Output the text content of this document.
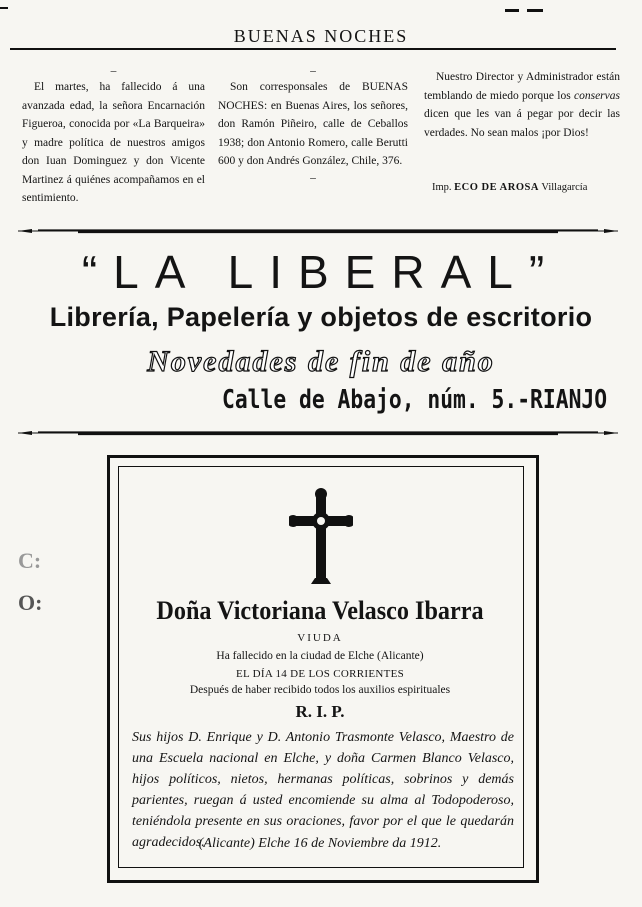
BUENAS NOCHES
–
El martes, ha fallecido á una avanzada edad, la señora Encarnación Figueroa, conocida por «La Barqueira» y madre política de nuestros amigos don Iuan Dominguez y don Vicente Martinez á quiénes acompañamos en el sentimiento.
–
Son corresponsales de BUENAS NOCHES: en Buenas Aires, los señores, don Ramón Piñeiro, calle de Ceballos 1938; don Antonio Romero, calle Berutti 600 y don Andrés González, Chile, 376.
–
Nuestro Director y Administrador están temblando de miedo porque los conservas dicen que les van á pegar por decir las verdades. No sean malos ¡por Dios!
Imp. ECO DE AROSA Villagarcía
“LA LIBERAL”
Librería, Papelería y objetos de escritorio
Novedades de fin de año
Calle de Abajo, núm. 5.-RIANJO
C:
O:	Doña Victoriana Velasco Ibarra
VIUDA
Ha fallecido en la ciudad de Elche (Alicante)
EL DÍA 14 DE LOS CORRIENTES
Después de haber recibido todos los auxilios espirituales
R. I. P.
Sus hijos D. Enrique y D. Antonio Trasmonte Velasco, Maestro de una Escuela nacional en Elche, y doña Carmen Blanco Velasco, hijos políticos, nietos, hermanas políticas, sobrinos y demás parientes, ruegan á usted encomiende su alma al Todopoderoso, teniéndola presente en sus oraciones, favor por el que le quedarán agradecidos.
(Alicante) Elche 16 de Noviembre da 1912.
